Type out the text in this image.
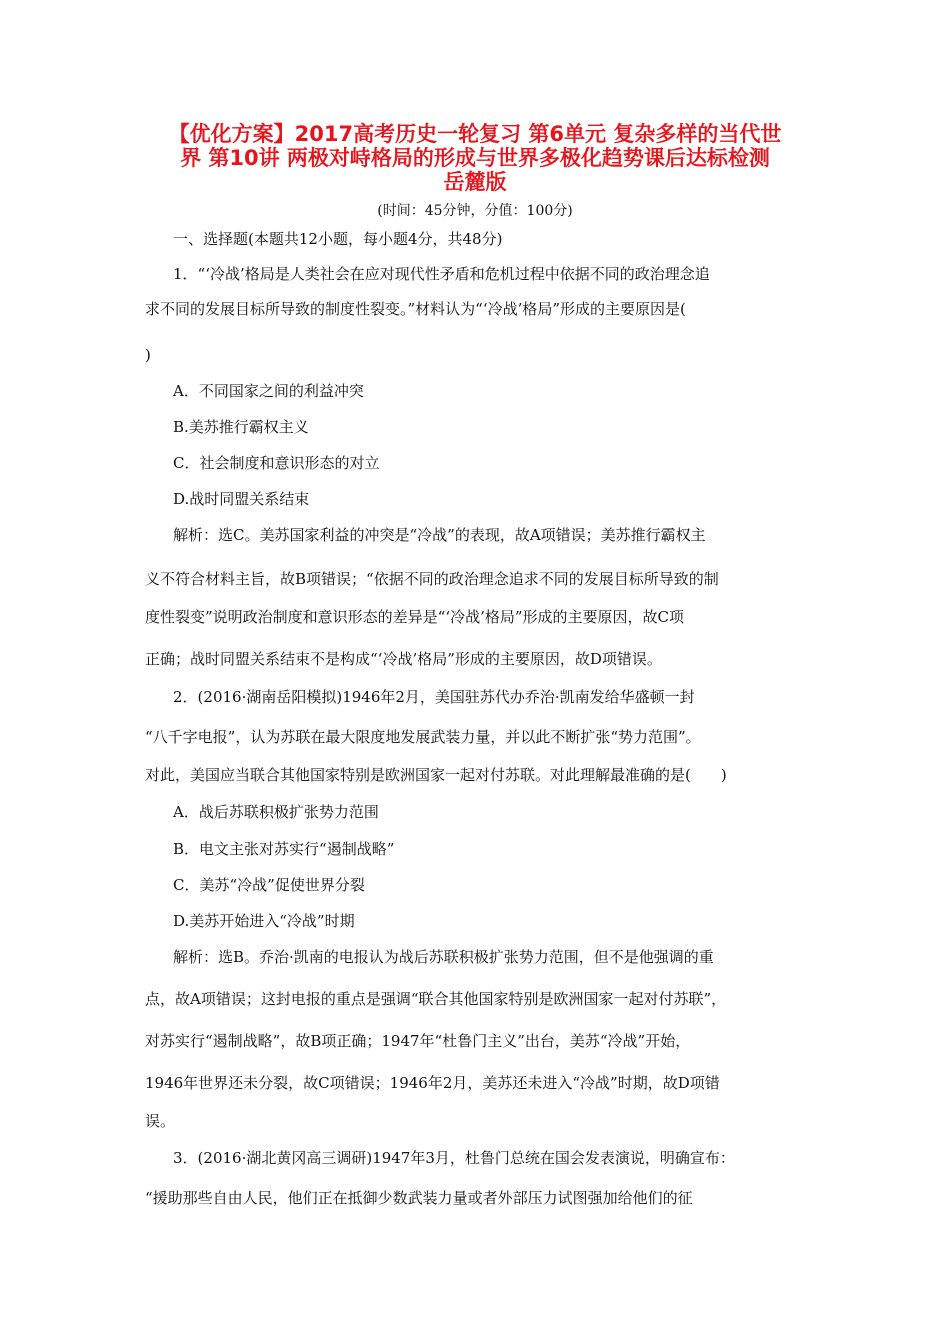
【优化方案】2017高考历史一轮复习 第6单元 复杂多样的当代世
界 第10讲 两极对峙格局的形成与世界多极化趋势课后达标检测
岳麓版
(时间：45分钟，分值：100分)
一、选择题(本题共12小题，每小题4分，共48分)
1．“‘冷战’格局是人类社会在应对现代性矛盾和危机过程中依据不同的政治理念追
求不同的发展目标所导致的制度性裂变。”材料认为“‘冷战’格局”形成的主要原因是(
)
A．不同国家之间的利益冲突
B.美苏推行霸权主义
C．社会制度和意识形态的对立
D.战时同盟关系结束
解析：选C。美苏国家利益的冲突是“冷战”的表现，故A项错误；美苏推行霸权主
义不符合材料主旨，故B项错误；“依据不同的政治理念追求不同的发展目标所导致的制
度性裂变”说明政治制度和意识形态的差异是“‘冷战’格局”形成的主要原因，故C项
正确；战时同盟关系结束不是构成“‘冷战’格局”形成的主要原因，故D项错误。
2．(2016·湖南岳阳模拟)1946年2月，美国驻苏代办乔治·凯南发给华盛顿一封
“八千字电报”，认为苏联在最大限度地发展武装力量，并以此不断扩张“势力范围”。
对此，美国应当联合其他国家特别是欧洲国家一起对付苏联。对此理解最准确的是(　　)
A．战后苏联积极扩张势力范围
B．电文主张对苏实行“遏制战略”
C．美苏“冷战”促使世界分裂
D.美苏开始进入“冷战”时期
解析：选B。乔治·凯南的电报认为战后苏联积极扩张势力范围，但不是他强调的重
点，故A项错误；这封电报的重点是强调“联合其他国家特别是欧洲国家一起对付苏联”，
对苏实行“遏制战略”，故B项正确；1947年“杜鲁门主义”出台，美苏“冷战”开始，
1946年世界还未分裂，故C项错误；1946年2月，美苏还未进入“冷战”时期，故D项错
误。
3．(2016·湖北黄冈高三调研)1947年3月，杜鲁门总统在国会发表演说，明确宣布：
“援助那些自由人民，他们正在抵御少数武装力量或者外部压力试图强加给他们的征
